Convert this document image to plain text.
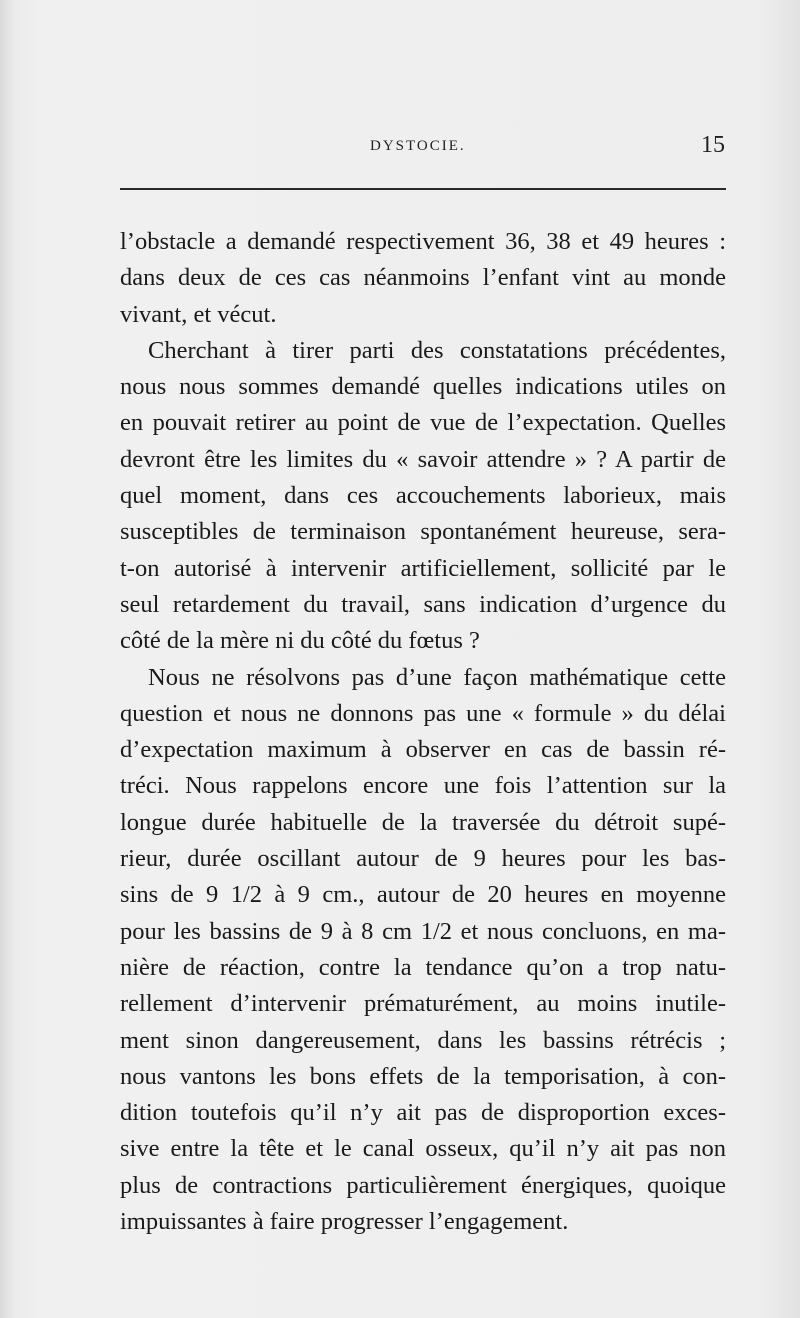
DYSTOCIE.	15
l’obstacle a demandé respectivement 36, 38 et 49 heures :
dans deux de ces cas néanmoins l’enfant vint au monde
vivant, et vécut.
Cherchant à tirer parti des constatations précédentes,
nous nous sommes demandé quelles indications utiles on
en pouvait retirer au point de vue de l’expectation. Quelles
devront être les limites du « savoir attendre » ? A partir de
quel moment, dans ces accouchements laborieux, mais
susceptibles de terminaison spontanément heureuse, sera-
t-on autorisé à intervenir artificiellement, sollicité par le
seul retardement du travail, sans indication d’urgence du
côté de la mère ni du côté du fœtus ?
Nous ne résolvons pas d’une façon mathématique cette
question et nous ne donnons pas une « formule » du délai
d’expectation maximum à observer en cas de bassin ré-
tréci. Nous rappelons encore une fois l’attention sur la
longue durée habituelle de la traversée du détroit supé-
rieur, durée oscillant autour de 9 heures pour les bas-
sins de 9 1/2 à 9 cm., autour de 20 heures en moyenne
pour les bassins de 9 à 8 cm 1/2 et nous concluons, en ma-
nière de réaction, contre la tendance qu’on a trop natu-
rellement d’intervenir prématurément, au moins inutile-
ment sinon dangereusement, dans les bassins rétrécis ;
nous vantons les bons effets de la temporisation, à con-
dition toutefois qu’il n’y ait pas de disproportion exces-
sive entre la tête et le canal osseux, qu’il n’y ait pas non
plus de contractions particulièrement énergiques, quoique
impuissantes à faire progresser l’engagement.
